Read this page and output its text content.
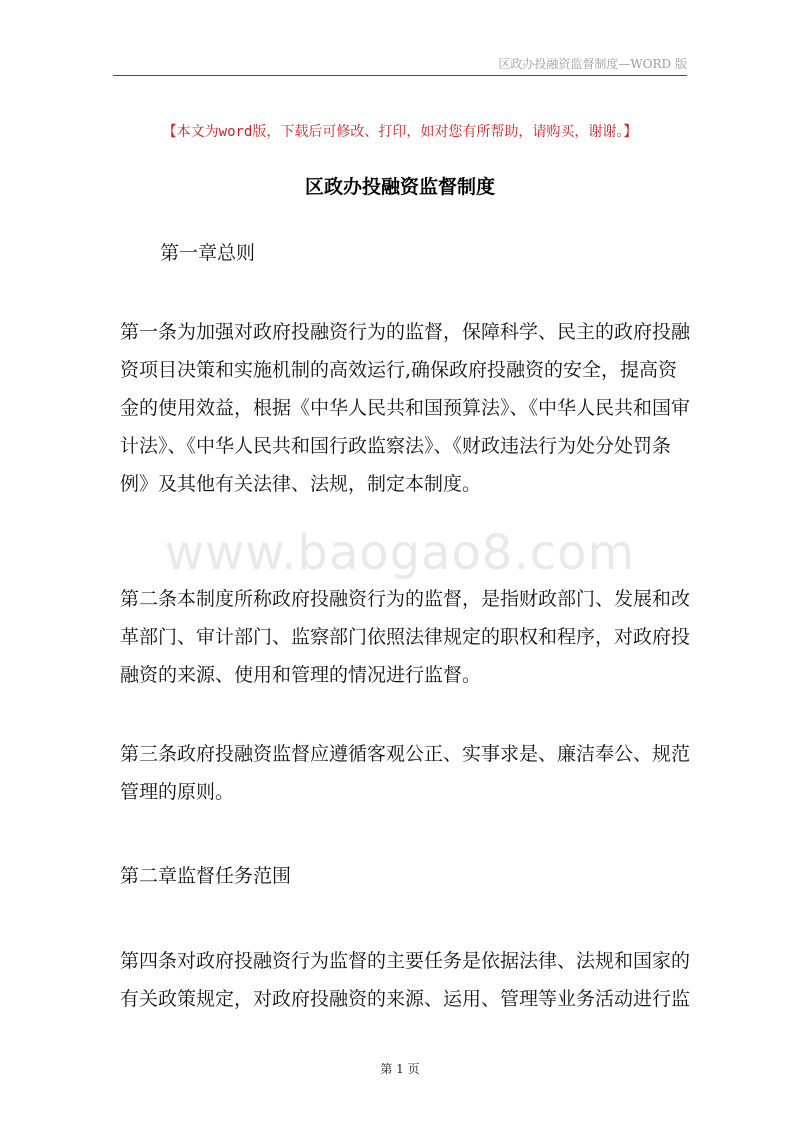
区政办投融资监督制度—WORD 版
【本文为word版，下载后可修改、打印，如对您有所帮助，请购买，谢谢。】
区政办投融资监督制度

第一章总则

第一条为加强对政府投融资行为的监督，保障科学、民主的政府投融资项目决策和实施机制的高效运行,确保政府投融资的安全，提高资金的使用效益，根据《中华人民共和国预算法》、《中华人民共和国审计法》、《中华人民共和国行政监察法》、《财政违法行为处分处罚条例》及其他有关法律、法规，制定本制度。

www.baogao8.com

第二条本制度所称政府投融资行为的监督，是指财政部门、发展和改革部门、审计部门、监察部门依照法律规定的职权和程序，对政府投融资的来源、使用和管理的情况进行监督。

第三条政府投融资监督应遵循客观公正、实事求是、廉洁奉公、规范管理的原则。

第二章监督任务范围

第四条对政府投融资行为监督的主要任务是依据法律、法规和国家的有关政策规定，对政府投融资的来源、运用、管理等业务活动进行监

第 1 页
